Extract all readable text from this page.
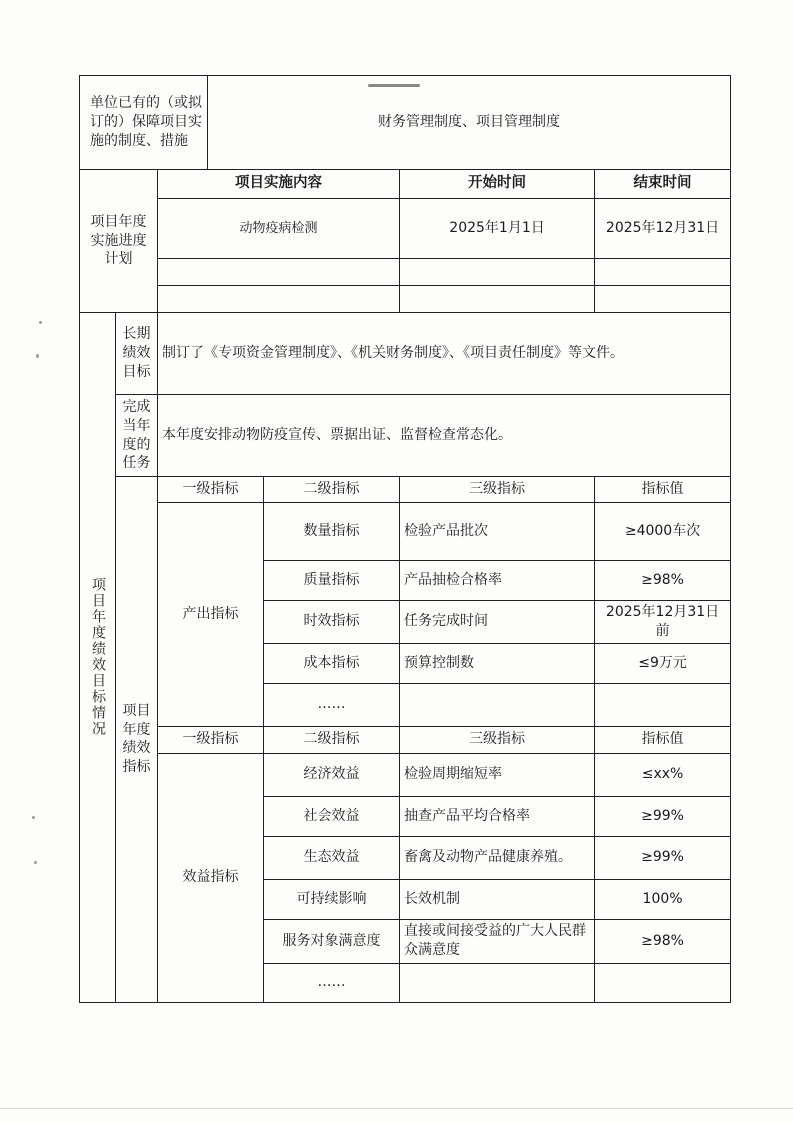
单位已有的（或拟订的）保障项目实施的制度、措施			财务管理制度、项目管理制度			
项目年度实施进度计划		项目实施内容			开始时间	结束时间
		动物疫病检测			2025年1月1日	2025年12月31日

项目年度绩效目标情况	长期绩效目标	制订了《专项资金管理制度》、《机关财务制度》、《项目责任制度》等文件。				
	完成当年度的任务	本年度安排动物防疫宣传、票据出证、监督检查常态化。				
	项目年度绩效指标	一级指标		二级指标	三级指标	指标值
		产出指标		数量指标	检验产品批次	≥4000车次
				质量指标	产品抽检合格率	≥98%
				时效指标	任务完成时间	2025年12月31日前
				成本指标	预算控制数	≤9万元
				……		
		一级指标		二级指标	三级指标	指标值
		效益指标		经济效益	检验周期缩短率	≤xx%
				社会效益	抽查产品平均合格率	≥99%
				生态效益	畜禽及动物产品健康养殖。	≥99%
				可持续影响	长效机制	100%
				服务对象满意度	直接或间接受益的广大人民群众满意度	≥98%
				……		
